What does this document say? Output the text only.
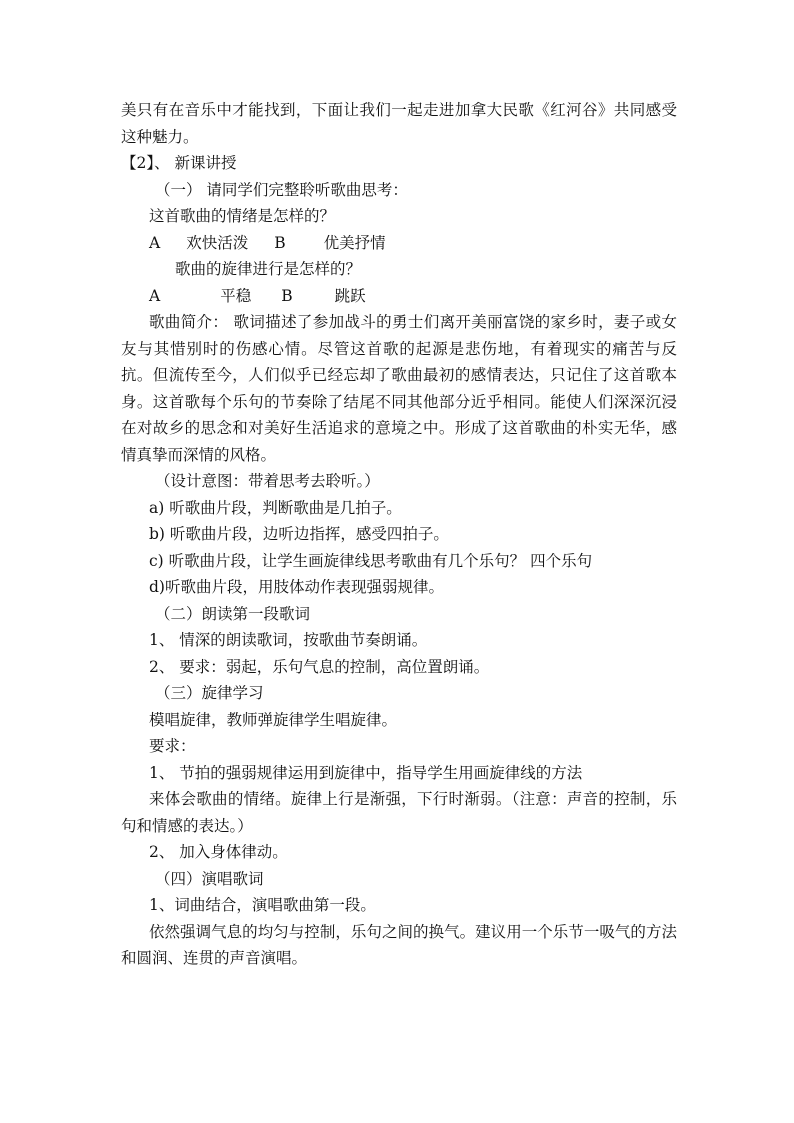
美只有在音乐中才能找到，下面让我们一起走进加拿大民歌《红河谷》共同感受这种魅力。

【2】、 新课讲授

（一） 请同学们完整聆听歌曲思考：

这首歌曲的情绪是怎样的？

A 欢快活泼 B 优美抒情

歌曲的旋律进行是怎样的？

A	平稳 B	跳跃

歌曲简介： 歌词描述了参加战斗的勇士们离开美丽富饶的家乡时，妻子或女友与其惜别时的伤感心情。尽管这首歌的起源是悲伤地，有着现实的痛苦与反抗。但流传至今，人们似乎已经忘却了歌曲最初的感情表达，只记住了这首歌本身。这首歌每个乐句的节奏除了结尾不同其他部分近乎相同。能使人们深深沉浸在对故乡的思念和对美好生活追求的意境之中。形成了这首歌曲的朴实无华，感情真挚而深情的风格。

（设计意图：带着思考去聆听。）

a) 听歌曲片段，判断歌曲是几拍子。

b) 听歌曲片段，边听边指挥，感受四拍子。

c) 听歌曲片段，让学生画旋律线思考歌曲有几个乐句？ 四个乐句

d)听歌曲片段，用肢体动作表现强弱规律。

（二）朗读第一段歌词

1、 情深的朗读歌词，按歌曲节奏朗诵。

2、 要求：弱起，乐句气息的控制，高位置朗诵。

（三）旋律学习

模唱旋律，教师弹旋律学生唱旋律。

要求：

1、 节拍的强弱规律运用到旋律中，指导学生用画旋律线的方法

来体会歌曲的情绪。旋律上行是渐强，下行时渐弱。（注意：声音的控制，乐句和情感的表达。）

2、 加入身体律动。

（四）演唱歌词

1、词曲结合，演唱歌曲第一段。

依然强调气息的均匀与控制，乐句之间的换气。建议用一个乐节一吸气的方法和圆润、连贯的声音演唱。
